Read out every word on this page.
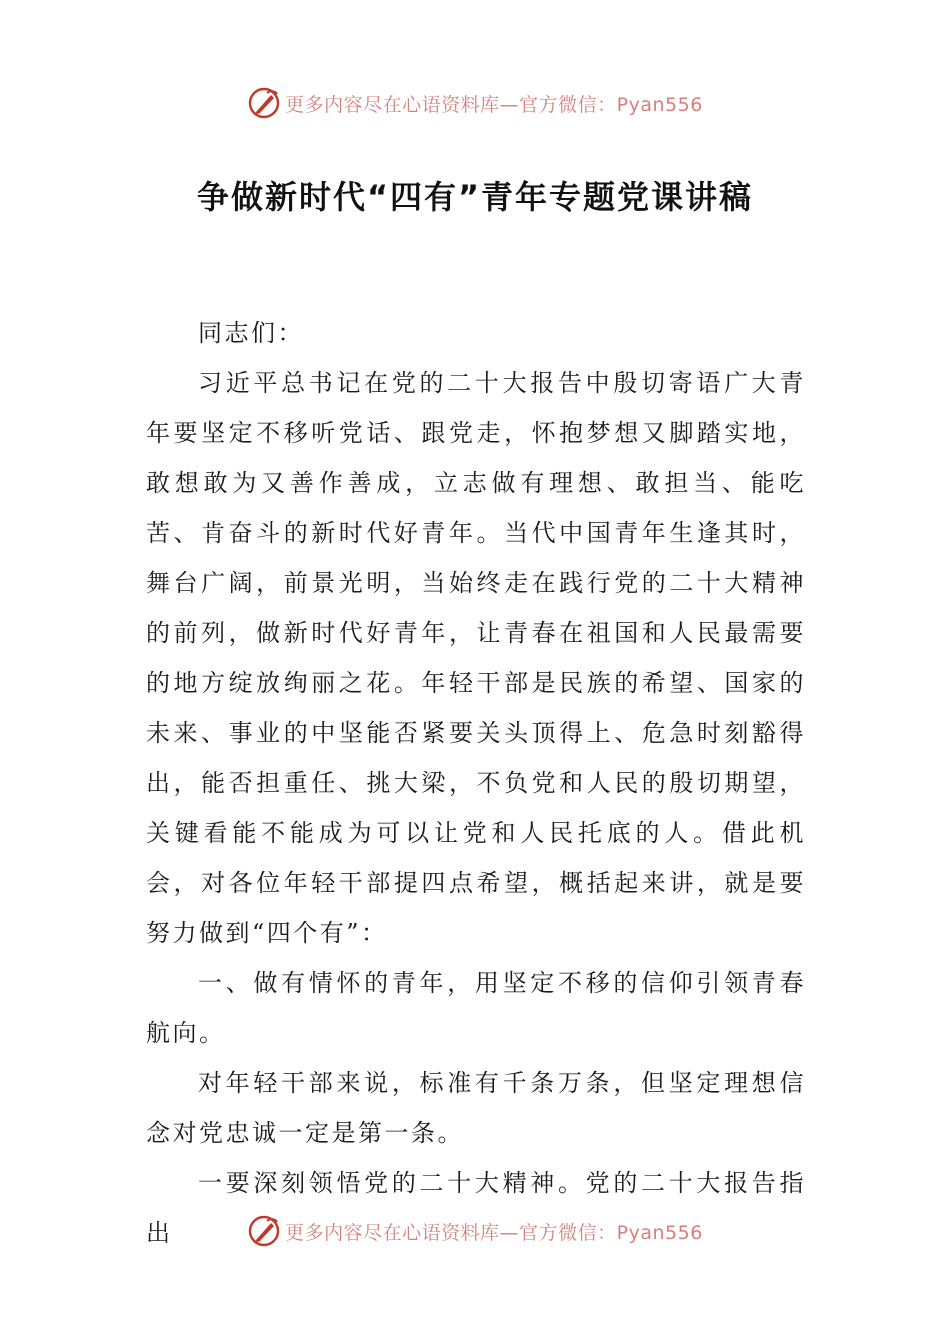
更多内容尽在心语资料库—官方微信：Pyan556
争做新时代“四有”青年专题党课讲稿

同志们：

习近平总书记在党的二十大报告中殷切寄语广大青年要坚定不移听党话、跟党走，怀抱梦想又脚踏实地，敢想敢为又善作善成，立志做有理想、敢担当、能吃苦、肯奋斗的新时代好青年。当代中国青年生逢其时，舞台广阔，前景光明，当始终走在践行党的二十大精神的前列，做新时代好青年，让青春在祖国和人民最需要的地方绽放绚丽之花。年轻干部是民族的希望、国家的未来、事业的中坚能否紧要关头顶得上、危急时刻豁得出，能否担重任、挑大梁，不负党和人民的殷切期望，关键看能不能成为可以让党和人民托底的人。借此机会，对各位年轻干部提四点希望，概括起来讲，就是要努力做到“四个有”：

一、做有情怀的青年，用坚定不移的信仰引领青春航向。

对年轻干部来说，标准有千条万条，但坚定理想信念对党忠诚一定是第一条。

一要深刻领悟党的二十大精神。党的二十大报告指出	更多内容尽在心语资料库—官方微信：Pyan556
